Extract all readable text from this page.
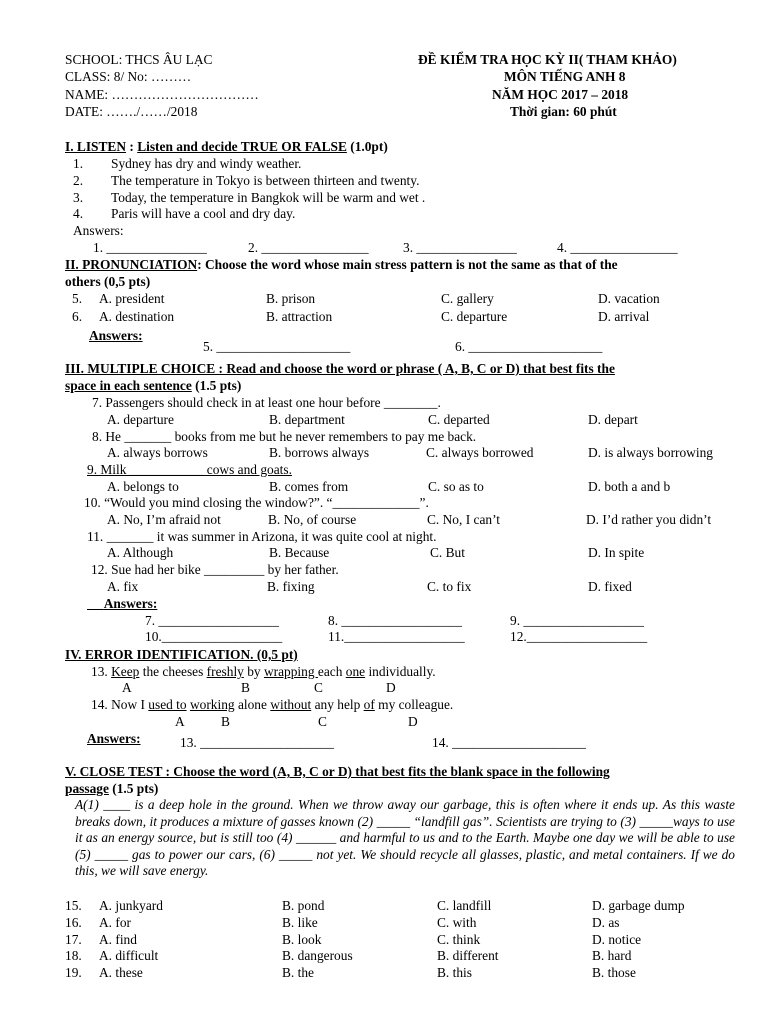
SCHOOL: THCS ÂU LẠC
CLASS: 8/ No: ………
NAME: ……………………………
DATE: ……./……/2018
ĐỀ KIỂM TRA HỌC KỲ II( THAM KHẢO)
MÔN TIẾNG ANH 8
NĂM HỌC 2017 – 2018
Thời gian: 60 phút
I. LISTEN : Listen and decide TRUE OR FALSE (1.0pt)
1. Sydney has dry and windy weather.
2. The temperature in Tokyo is between thirteen and twenty.
3. Today, the temperature in Bangkok will be warm and wet .
4. Paris will have a cool and dry day.
Answers:
1. _______________	2. ________________	3. _______________	4. ________________
II. PRONUNCIATION: Choose the word whose main stress pattern is not the same as that of the
others (0,5 pts)
5. A. president	B. prison	C. gallery	D. vacation
6. A. destination	B. attraction	C. departure	D. arrival
Answers:
5. ____________________	6. ____________________
III. MULTIPLE CHOICE : Read and choose the word or phrase ( A, B, C or D) that best fits the
space in each sentence (1.5 pts)
7. Passengers should check in at least one hour before ________.
A. departure	B. department	C. departed	D. depart
8. He _______ books from me but he never remembers to pay me back.
A. always borrows	B. borrows always	C. always borrowed	D. is always borrowing
9. Milk ___________ cows and goats.
A. belongs to	B. comes from	C. so as to	D. both a and b
10. “Would you mind closing the window?”. “_____________”.
A. No, I’m afraid not	B. No, of course	C. No, I can’t	D. I’d rather you didn’t
11. _______ it was summer in Arizona, it was quite cool at night.
A. Although	B. Because	C. But	D. In spite
12. Sue had her bike _________ by her father.
A. fix	B. fixing	C. to fix	D. fixed
Answers:
7. __________________	8. __________________	9. __________________
10.__________________	11.__________________	12.__________________
IV. ERROR IDENTIFICATION. (0,5 pt)
13. Keep the cheeses freshly by wrapping each one individually.
A	B	C	D
14. Now I used to working alone without any help of my colleague.
A	B	C	D
Answers:	13. ____________________	14. ____________________
V. CLOSE TEST : Choose the word (A, B, C or D) that best fits the blank space in the following
passage (1.5 pts)
A(1) ____ is a deep hole in the ground. When we throw away our garbage, this is often where it ends up. As this waste breaks down, it produces a mixture of gasses known (2) _____ “landfill gas”. Scientists are trying to (3) _____ways to use it as an energy source, but is still too (4) ______ and harmful to us and to the Earth. Maybe one day we will be able to use (5) _____ gas to power our cars, (6) _____ not yet. We should recycle all glasses, plastic, and metal containers. If we do this, we will save energy.
15. A. junkyard	B. pond	C. landfill	D. garbage dump
16. A. for	B. like	C. with	D. as
17. A. find	B. look	C. think	D. notice
18. A. difficult	B. dangerous	B. different	B. hard
19. A. these	B. the	B. this	B. those
